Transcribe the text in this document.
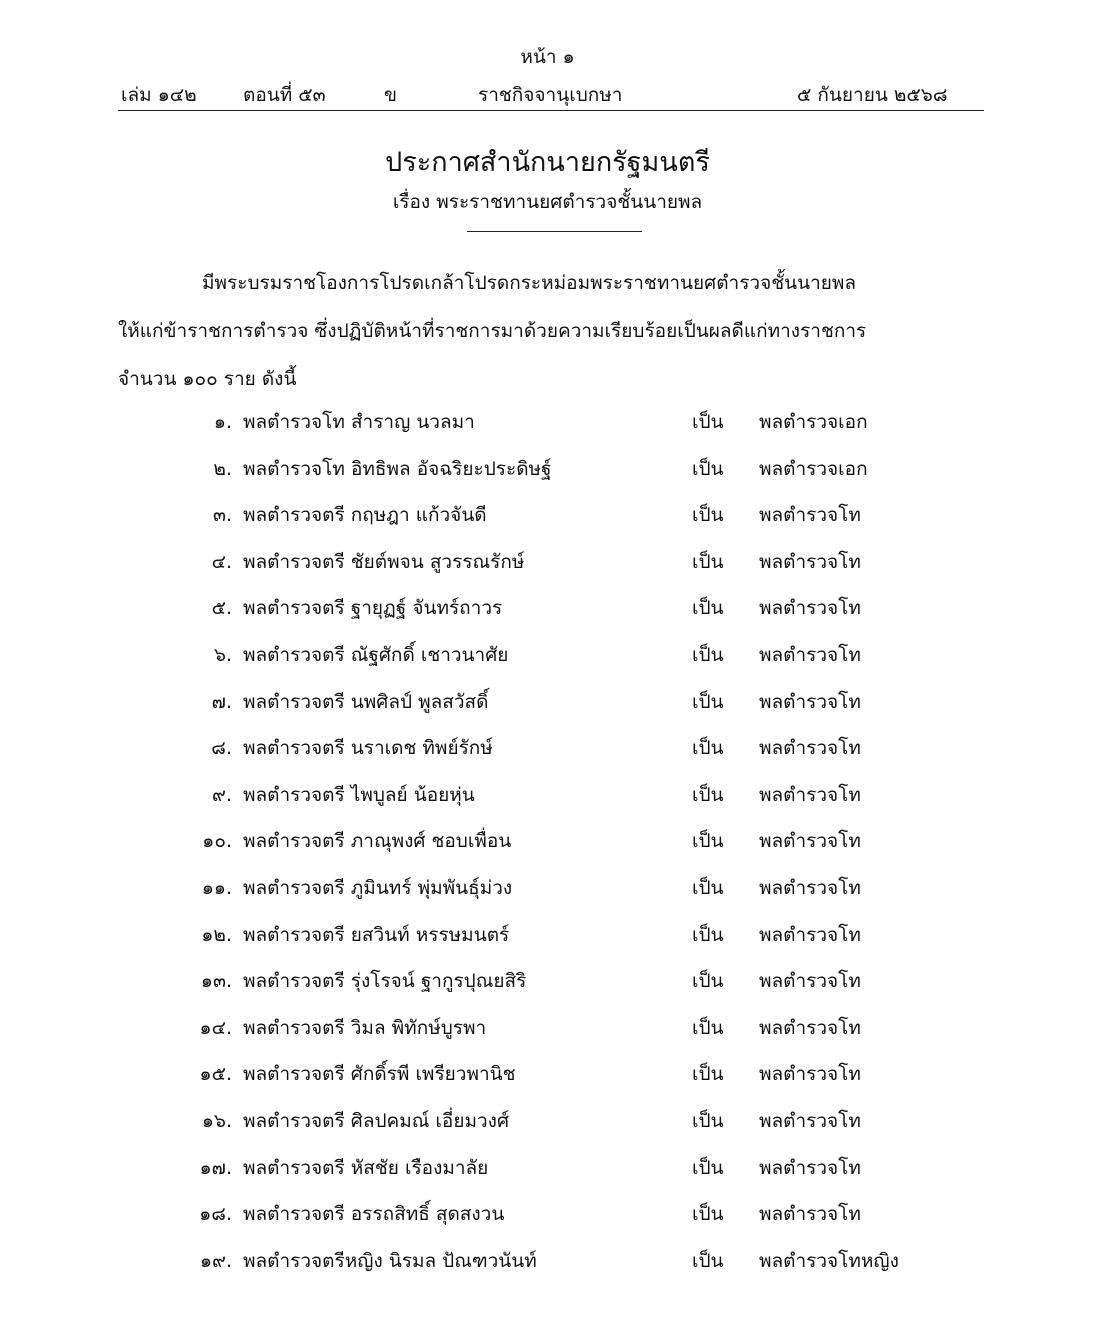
หน้า ๑
เล่ม ๑๔๒ ตอนที่ ๕๓	ข	ราชกิจจานุเบกษา	๕ กันยายน ๒๕๖๘
ประกาศสำนักนายกรัฐมนตรี
เรื่อง พระราชทานยศตำรวจชั้นนายพล
มีพระบรมราชโองการโปรดเกล้าโปรดกระหม่อมพระราชทานยศตำรวจชั้นนายพล
ให้แก่ข้าราชการตำรวจ ซึ่งปฏิบัติหน้าที่ราชการมาด้วยความเรียบร้อยเป็นผลดีแก่ทางราชการ
จำนวน ๑๐๐ ราย ดังนี้
๑. พลตำรวจโท สำราญ นวลมา	เป็น พลตำรวจเอก
๒. พลตำรวจโท อิทธิพล อัจฉริยะประดิษฐ์	เป็น พลตำรวจเอก
๓. พลตำรวจตรี กฤษฎา แก้วจันดี	เป็น พลตำรวจโท
๔. พลตำรวจตรี ชัยต์พจน สูวรรณรักษ์	เป็น พลตำรวจโท
๕. พลตำรวจตรี ฐายุฏฐ์ จันทร์ถาวร	เป็น พลตำรวจโท
๖. พลตำรวจตรี ณัฐศักดิ์ เชาวนาศัย	เป็น พลตำรวจโท
๗. พลตำรวจตรี นพศิลป์ พูลสวัสดิ์	เป็น พลตำรวจโท
๘. พลตำรวจตรี นราเดช ทิพย์รักษ์	เป็น พลตำรวจโท
๙. พลตำรวจตรี ไพบูลย์ น้อยหุ่น	เป็น พลตำรวจโท
๑๐. พลตำรวจตรี ภาณุพงศ์ ชอบเพื่อน	เป็น พลตำรวจโท
๑๑. พลตำรวจตรี ภูมินทร์ พุ่มพันธุ์ม่วง	เป็น พลตำรวจโท
๑๒. พลตำรวจตรี ยสวินท์ หรรษมนตร์	เป็น พลตำรวจโท
๑๓. พลตำรวจตรี รุ่งโรจน์ ฐากูรปุณยสิริ	เป็น พลตำรวจโท
๑๔. พลตำรวจตรี วิมล พิทักษ์บูรพา	เป็น พลตำรวจโท
๑๕. พลตำรวจตรี ศักดิ์รพี เพรียวพานิช	เป็น พลตำรวจโท
๑๖. พลตำรวจตรี ศิลปคมณ์ เอี่ยมวงศ์	เป็น พลตำรวจโท
๑๗. พลตำรวจตรี หัสชัย เรืองมาลัย	เป็น พลตำรวจโท
๑๘. พลตำรวจตรี อรรถสิทธิ์ สุดสงวน	เป็น พลตำรวจโท
๑๙. พลตำรวจตรีหญิง นิรมล ปัณฑวนันท์	เป็น พลตำรวจโทหญิง
